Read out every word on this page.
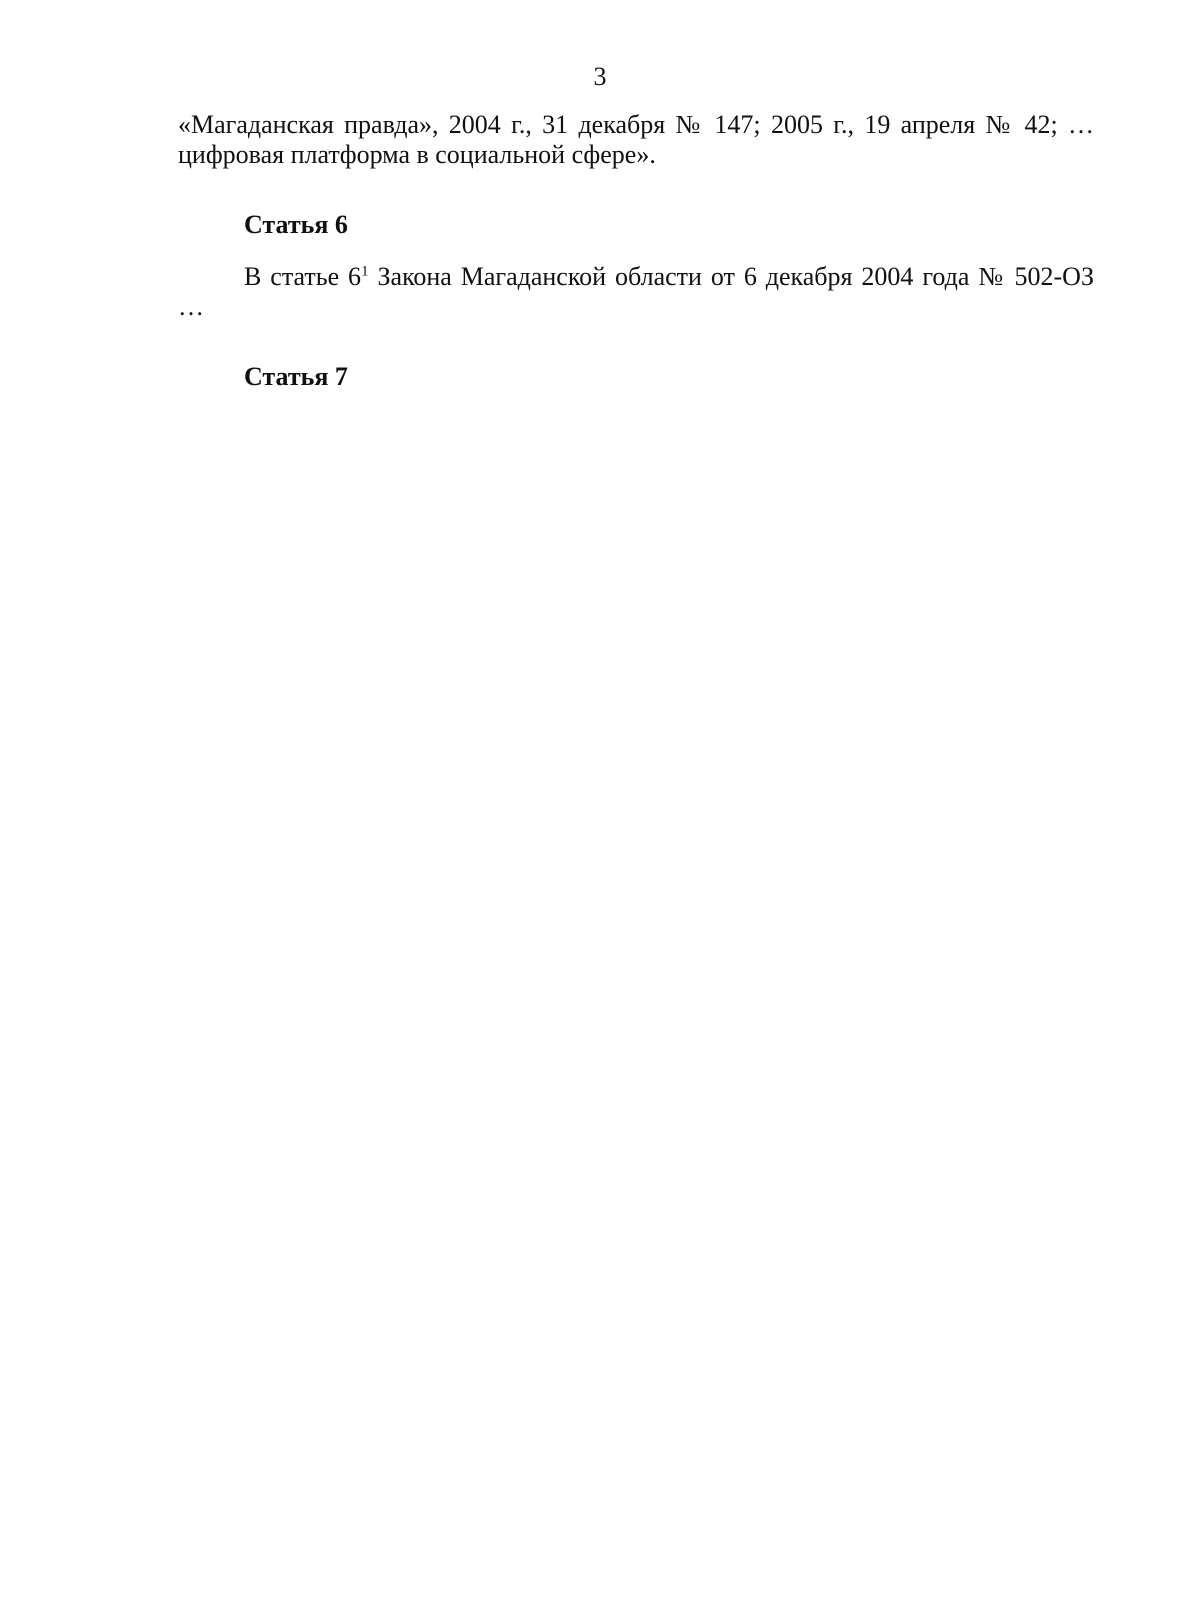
3

«Магаданская правда», 2004 г., 31 декабря № 147; 2005 г., 19 апреля № 42; … цифровая платформа в социальной сфере».

Статья 6

В статье $6^1$ Закона Магаданской области от 6 декабря 2004 года № 502-ОЗ …

Статья 7
